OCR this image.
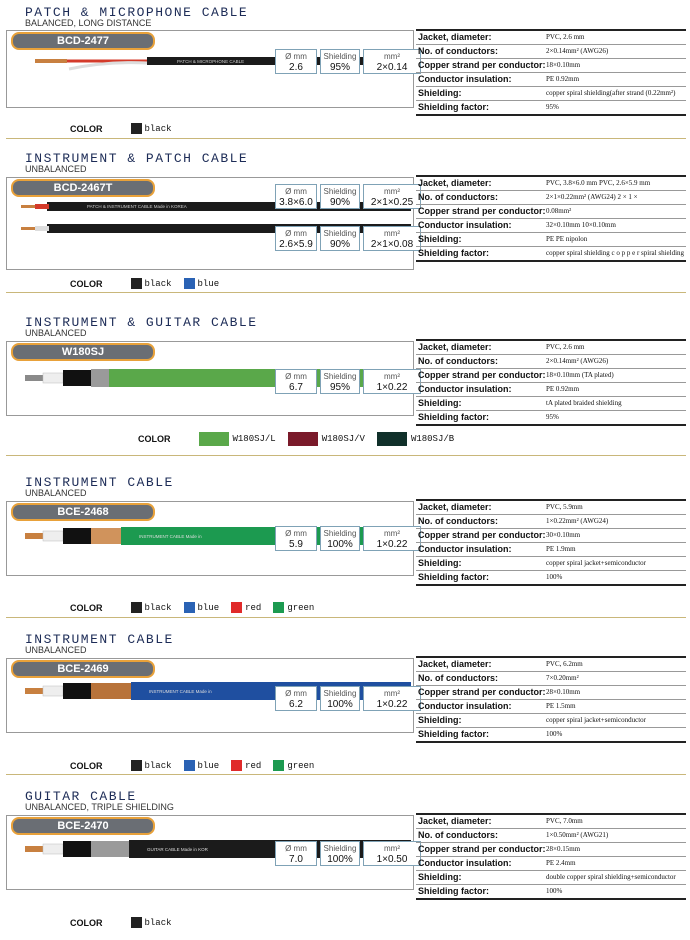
PATCH & MICROPHONE CABLE
BALANCED, LONG DISTANCE
BCD-2477
PATCH & MICROPHONE CABLE
Ø mm
2.6
Shielding
95%
mm²
2×0.14
Jacket, diameter:	PVC, 2.6 mm
No. of conductors:	2×0.14mm² (AWG26)
Copper strand per conductor: 18×0.10mm
Conductor insulation:	PE 0.92mm
Shielding:	copper spiral shielding(after strand (0.22mm²)
Shielding factor:	95%
COLOR	black
INSTRUMENT & PATCH CABLE
UNBALANCED
BCD-2467T
PATCH & INSTRUMENT CABLE Made in KOREA
Ø mm
3.8×6.0
Shielding
90%
mm²
2×1×0.25
Ø mm
2.6×5.9
Shielding
90%
mm²
2×1×0.08
Jacket, diameter:	PVC, 3.8×6.0 mm PVC, 2.6×5.9 mm
No. of conductors:	2×1×0.22mm² (AWG24) 2 × 1 ×
Copper strand per conductor: 0.08mm²
Conductor insulation:	32×0.10mm 10×0.10mm
Shielding:	PE PE nipolon
Shielding factor:	copper spiral shielding c o p p e r spiral shielding
COLOR	black	blue
INSTRUMENT & GUITAR CABLE
UNBALANCED
W180SJ
Ø mm
6.7
Shielding
95%
mm²
1×0.22
Jacket, diameter:	PVC, 2.6 mm
No. of conductors:	2×0.14mm² (AWG26)
Copper strand per conductor: 18×0.10mm (TA plated)
Conductor insulation:	PE 0.92mm
Shielding:	tA plated braided shielding
Shielding factor:	95%
COLOR	W180SJ/L	W180SJ/V	W180SJ/B
INSTRUMENT CABLE
UNBALANCED
BCE-2468
INSTRUMENT CABLE Made in	Ø mm
5.9
Shielding
100%
mm²
1×0.22
Jacket, diameter:	PVC, 5.9mm
No. of conductors:	1×0.22mm² (AWG24)
Copper strand per conductor: 30×0.10mm
Conductor insulation:	PE 1.9mm
Shielding:	copper spiral jacket+semiconductor
Shielding factor:	100%
COLOR	black	blue	red	green
INSTRUMENT CABLE
UNBALANCED
BCE-2469
INSTRUMENT CABLE Made in	Ø mm
6.2
Shielding
100%
mm²
1×0.22
Jacket, diameter:	PVC, 6.2mm
No. of conductors:	7×0.20mm²
Copper strand per conductor: 28×0.10mm
Conductor insulation:	PE 1.5mm
Shielding:	copper spiral jacket+semiconductor
Shielding factor:	100%
COLOR	black	blue	red	green
GUITAR CABLE
UNBALANCED, TRIPLE SHIELDING
BCE-2470
GUITAR CABLE Made in KOR	Ø mm
7.0
Shielding
100%
mm²
1×0.50
Jacket, diameter:	PVC, 7.0mm
No. of conductors:	1×0.50mm² (AWG21)
Copper strand per conductor: 28×0.15mm
Conductor insulation:	PE 2.4mm
Shielding:	double copper spiral shielding+semiconductor
Shielding factor:	100%
COLOR	black
